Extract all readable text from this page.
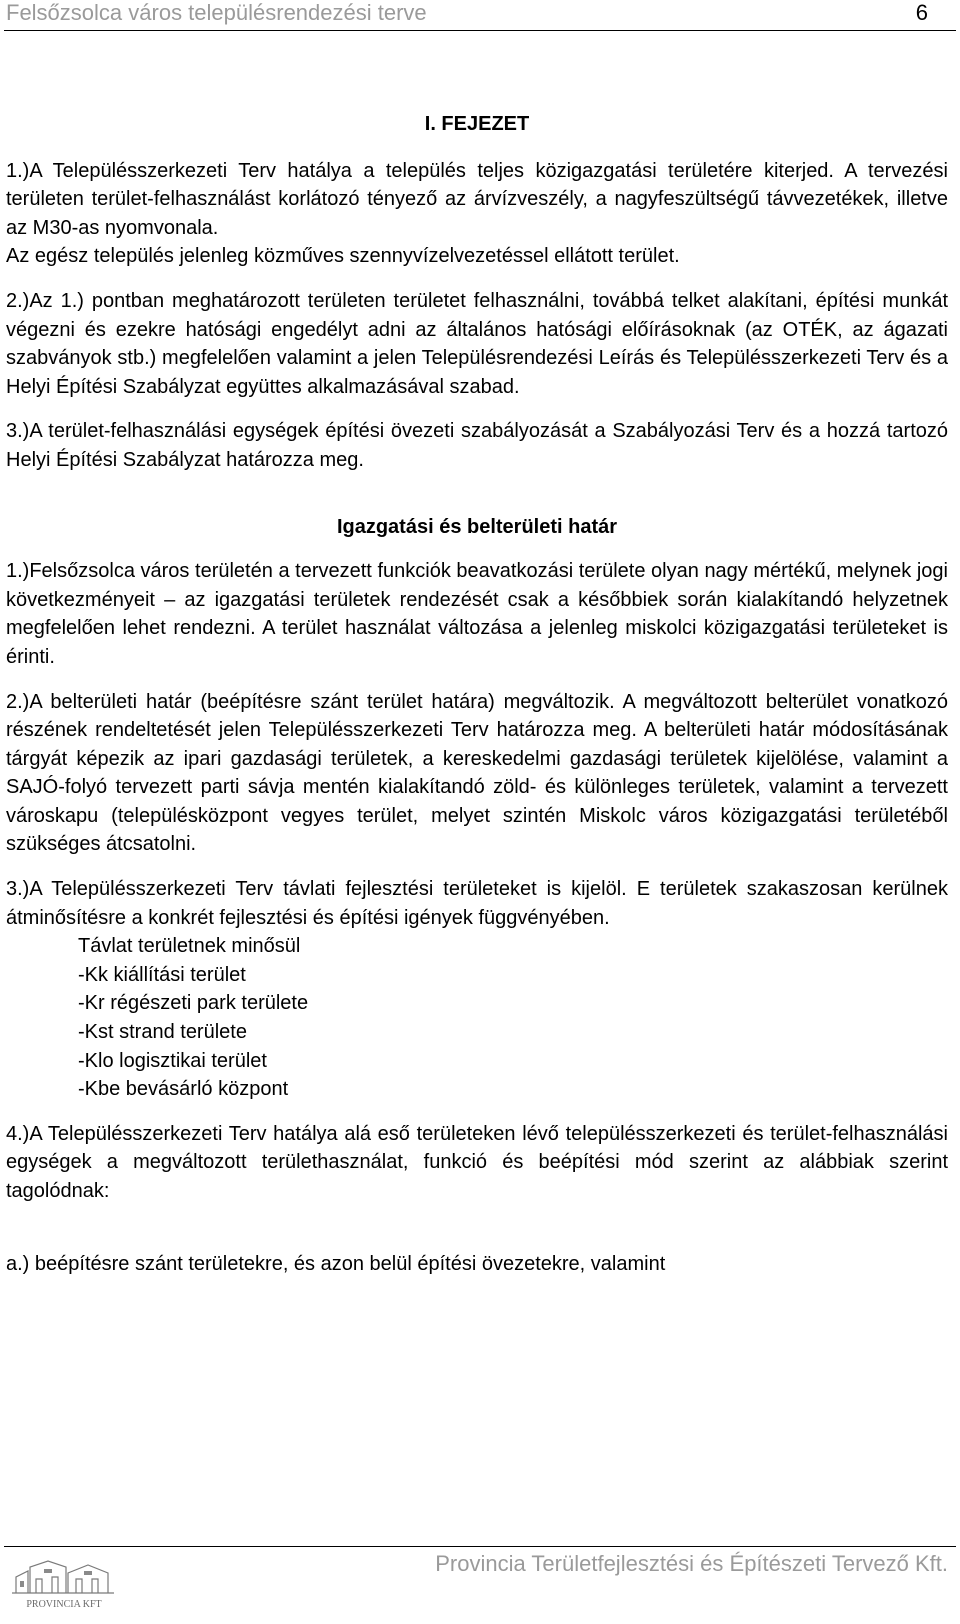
Felsőzsolca város településrendezési terve	6

I. FEJEZET

1.)A Településszerkezeti Terv hatálya a település teljes közigazgatási területére kiterjed. A tervezési területen terület-felhasználást korlátozó tényező az árvízveszély, a nagyfeszültségű távvezetékek, illetve az M30-as nyomvonala.

Az egész település jelenleg közműves szennyvízelvezetéssel ellátott terület.

2.)Az 1.) pontban meghatározott területen területet felhasználni, továbbá telket alakítani, építési munkát végezni és ezekre hatósági engedélyt adni az általános hatósági előírásoknak (az OTÉK, az ágazati szabványok stb.) megfelelően valamint a jelen Településrendezési Leírás és Településszerkezeti Terv és a Helyi Építési Szabályzat együttes alkalmazásával szabad.

3.)A terület-felhasználási egységek építési övezeti szabályozását a Szabályozási Terv és a hozzá tartozó Helyi Építési Szabályzat határozza meg.

Igazgatási és belterületi határ

1.)Felsőzsolca város területén a tervezett funkciók beavatkozási területe olyan nagy mértékű, melynek jogi következményeit – az igazgatási területek rendezését csak a későbbiek során kialakítandó helyzetnek megfelelően lehet rendezni. A terület használat változása a jelenleg miskolci közigazgatási területeket is érinti.

2.)A belterületi határ (beépítésre szánt terület határa) megváltozik. A megváltozott belterület vonatkozó részének rendeltetését jelen Településszerkezeti Terv határozza meg. A belterületi határ módosításának tárgyát képezik az ipari gazdasági területek, a kereskedelmi gazdasági területek kijelölése, valamint a SAJÓ-folyó tervezett parti sávja mentén kialakítandó zöld- és különleges területek, valamint a tervezett városkapu (településközpont vegyes terület, melyet szintén Miskolc város közigazgatási területéből szükséges átcsatolni.

3.)A Településszerkezeti Terv távlati fejlesztési területeket is kijelöl. E területek szakaszosan kerülnek átminősítésre a konkrét fejlesztési és építési igények függvényében.

Távlat területnek minősül
-Kk kiállítási terület
-Kr régészeti park területe
-Kst strand területe
-Klo logisztikai terület
-Kbe bevásárló központ

4.)A Településszerkezeti Terv hatálya alá eső területeken lévő településszerkezeti és terület-felhasználási egységek a megváltozott területhasználat, funkció és beépítési mód szerint az alábbiak szerint tagolódnak:

a.) beépítésre szánt területekre, és azon belül építési övezetekre, valamint

PROVINCIA KFT
Provincia Területfejlesztési és Építészeti Tervező Kft.
